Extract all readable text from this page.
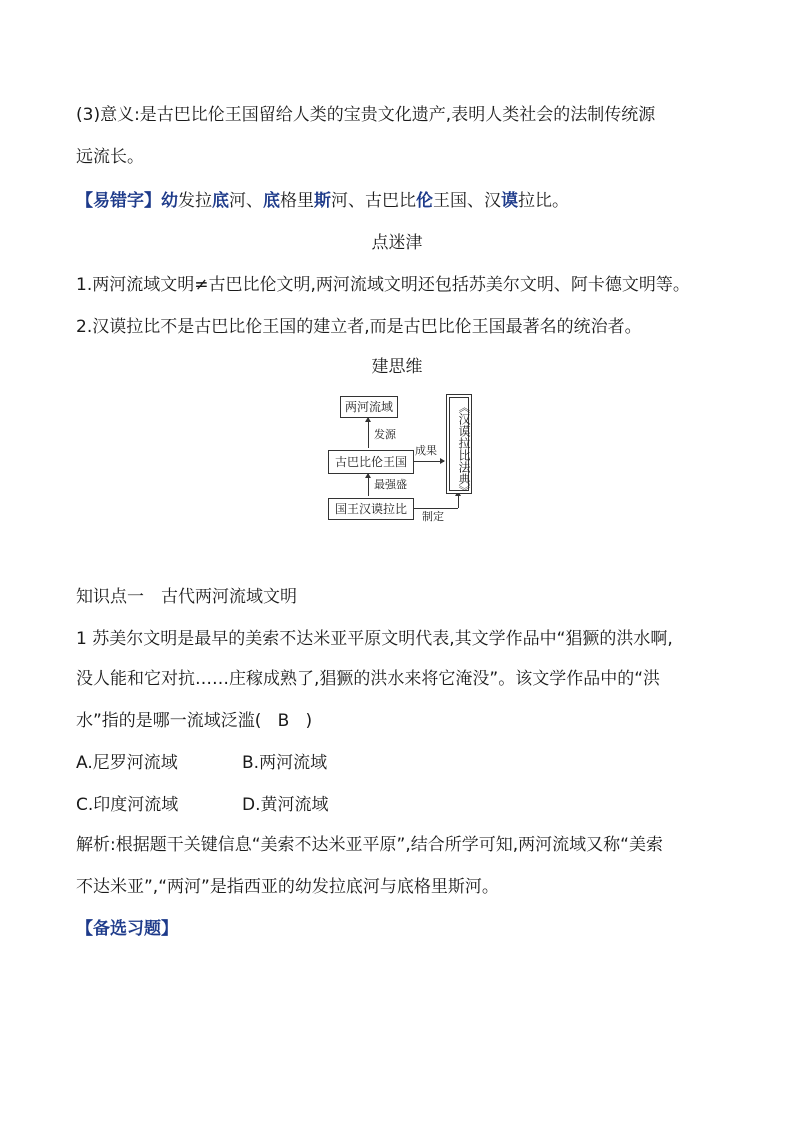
(3)意义:是古巴比伦王国留给人类的宝贵文化遗产,表明人类社会的法制传统源
远流长。
【易错字】幼发拉底河、底格里斯河、古巴比伦王国、汉谟拉比。
点迷津
1.两河流域文明≠古巴比伦文明,两河流域文明还包括苏美尔文明、阿卡德文明等。
2.汉谟拉比不是古巴比伦王国的建立者,而是古巴比伦王国最著名的统治者。
建思维
两河流域
发源
古巴比伦王国
成果
最强盛
国王汉谟拉比
制定
《汉谟拉比法典》
知识点一　古代两河流域文明
1 苏美尔文明是最早的美索不达米亚平原文明代表,其文学作品中“猖獗的洪水啊,
没人能和它对抗……庄稼成熟了,猖獗的洪水来将它淹没”。该文学作品中的“洪
水”指的是哪一流域泛滥( B )
A.尼罗河流域	B.两河流域
C.印度河流域	D.黄河流域
解析:根据题干关键信息“美索不达米亚平原”,结合所学可知,两河流域又称“美索
不达米亚”,“两河”是指西亚的幼发拉底河与底格里斯河。
【备选习题】
